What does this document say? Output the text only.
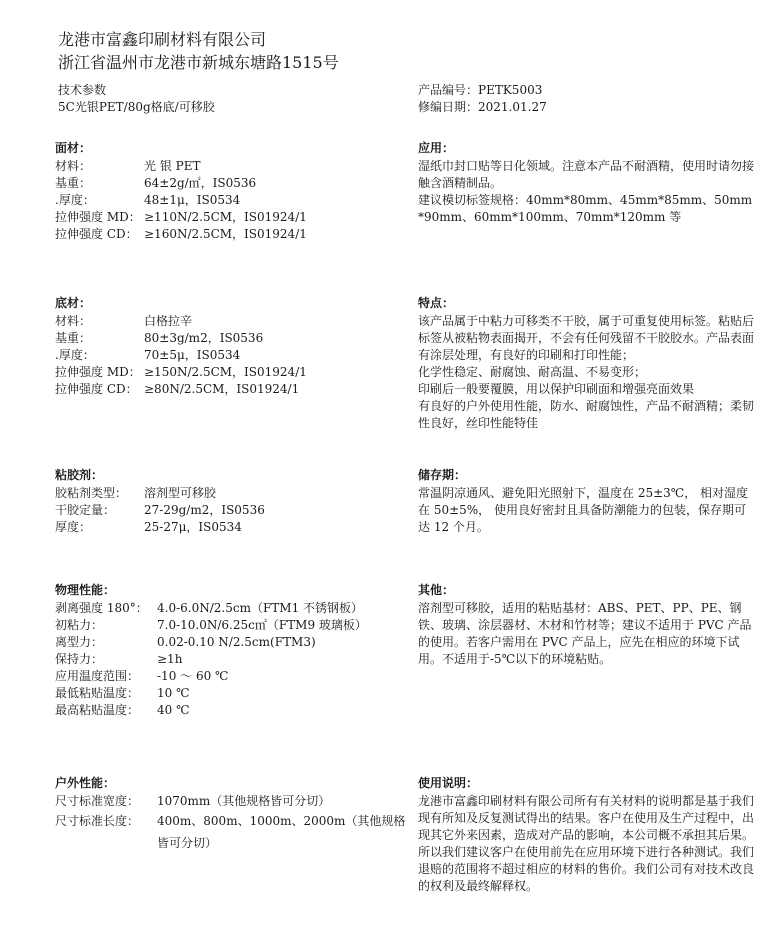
龙港市富鑫印刷材料有限公司
浙江省温州市龙港市新城东塘路1515号
技术参数
5C光银PET/80g格底/可移胶
产品编号：PETK5003
修编日期：2021.01.27
面材：
材料：	光 银 PET
基重：	64±2g/㎡，IS0536
.厚度：	48±1μ，IS0534
拉伸强度 MD： ≥110N/2.5CM，IS01924/1
拉伸强度 CD： ≥160N/2.5CM，IS01924/1
应用：
湿纸巾封口贴等日化领域。注意本产品不耐酒精，使用时请勿接触含酒精制品。
建议模切标签规格：40mm*80mm、45mm*85mm、50mm*90mm、60mm*100mm、70mm*120mm 等
底材：
材料：	白格拉辛
基重：	80±3g/m2，IS0536
.厚度：	70±5μ，IS0534
拉伸强度 MD： ≥150N/2.5CM，IS01924/1
拉伸强度 CD： ≥80N/2.5CM，IS01924/1
特点：
该产品属于中粘力可移类不干胶，属于可重复使用标签。粘贴后标签从被粘物表面揭开，不会有任何残留不干胶胶水。产品表面有涂层处理，有良好的印刷和打印性能；
化学性稳定、耐腐蚀、耐高温、不易变形；
印刷后一般要覆膜，用以保护印刷面和增强亮面效果
有良好的户外使用性能，防水、耐腐蚀性，产品不耐酒精；柔韧性良好，丝印性能特佳
粘胶剂：
胶粘剂类型：	溶剂型可移胶
干胶定量：	27-29g/m2，IS0536
厚度：	25-27μ，IS0534
储存期：
常温阴凉通风、避免阳光照射下，温度在 25±3℃， 相对湿度在 50±5%， 使用良好密封且具备防潮能力的包装，保存期可达 12 个月。
物理性能：
剥离强度 180°： 4.0-6.0N/2.5cm（FTM1 不锈钢板）
初粘力：	7.0-10.0N/6.25c㎡（FTM9 玻璃板）
离型力：	0.02-0.10 N/2.5cm(FTM3)
保持力：	≥1h
应用温度范围：	-10 ～ 60 ℃
最低粘贴温度：	10 ℃
最高粘贴温度：	40 ℃
其他：
溶剂型可移胶，适用的粘贴基材：ABS、PET、PP、PE、钢铁、玻璃、涂层器材、木材和竹材等；建议不适用于 PVC 产品的使用。若客户需用在 PVC 产品上，应先在相应的环境下试用。不适用于-5℃以下的环境粘贴。
户外性能：
尺寸标准宽度：	1070mm（其他规格皆可分切）
尺寸标准长度：	400m、800m、1000m、2000m（其他规格皆可分切）
使用说明：
龙港市富鑫印刷材料有限公司所有有关材料的说明都是基于我们现有所知及反复测试得出的结果。客户在使用及生产过程中，出现其它外来因素，造成对产品的影响，本公司概不承担其后果。所以我们建议客户在使用前先在应用环境下进行各种测试。我们退赔的范围将不超过相应的材料的售价。我们公司有对技术改良的权利及最终解释权。
